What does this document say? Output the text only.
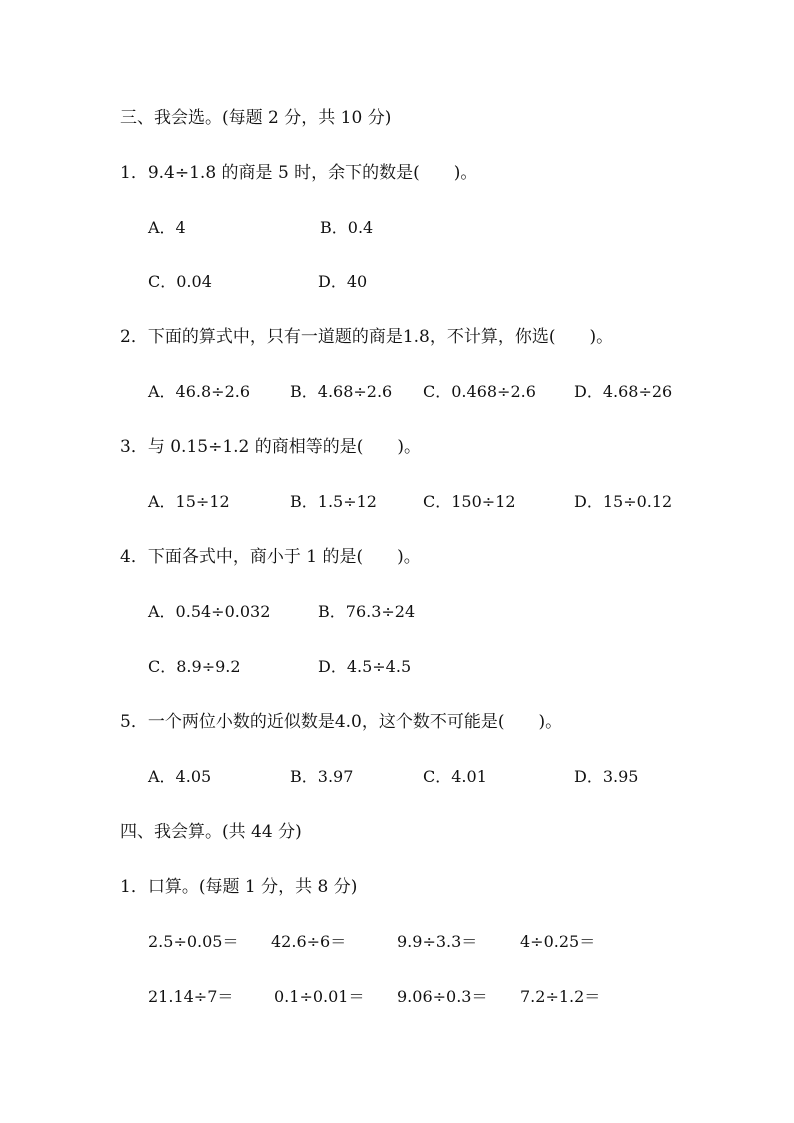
三、我会选。(每题 2 分，共 10 分)
1．9.4÷1.8 的商是 5 时，余下的数是(　　)。
A．4	B．0.4
C．0.04	D．40
2．下面的算式中，只有一道题的商是1.8，不计算，你选(　　)。
A．46.8÷2.6 B．4.68÷2.6 C．0.468÷2.6 D．4.68÷26
3．与 0.15÷1.2 的商相等的是(　　)。
A．15÷12	B．1.5÷12	C．150÷12	D．15÷0.12
4．下面各式中，商小于 1 的是(　　)。
A．0.54÷0.032	B．76.3÷24
C．8.9÷9.2	D．4.5÷4.5
5．一个两位小数的近似数是4.0，这个数不可能是(　　)。
A．4.05	B．3.97	C．4.01	D．3.95
四、我会算。(共 44 分)
1．口算。(每题 1 分，共 8 分)
2.5÷0.05＝ 42.6÷6＝	9.9÷3.3＝	4÷0.25＝
21.14÷7＝	0.1÷0.01＝ 9.06÷0.3＝ 7.2÷1.2＝
